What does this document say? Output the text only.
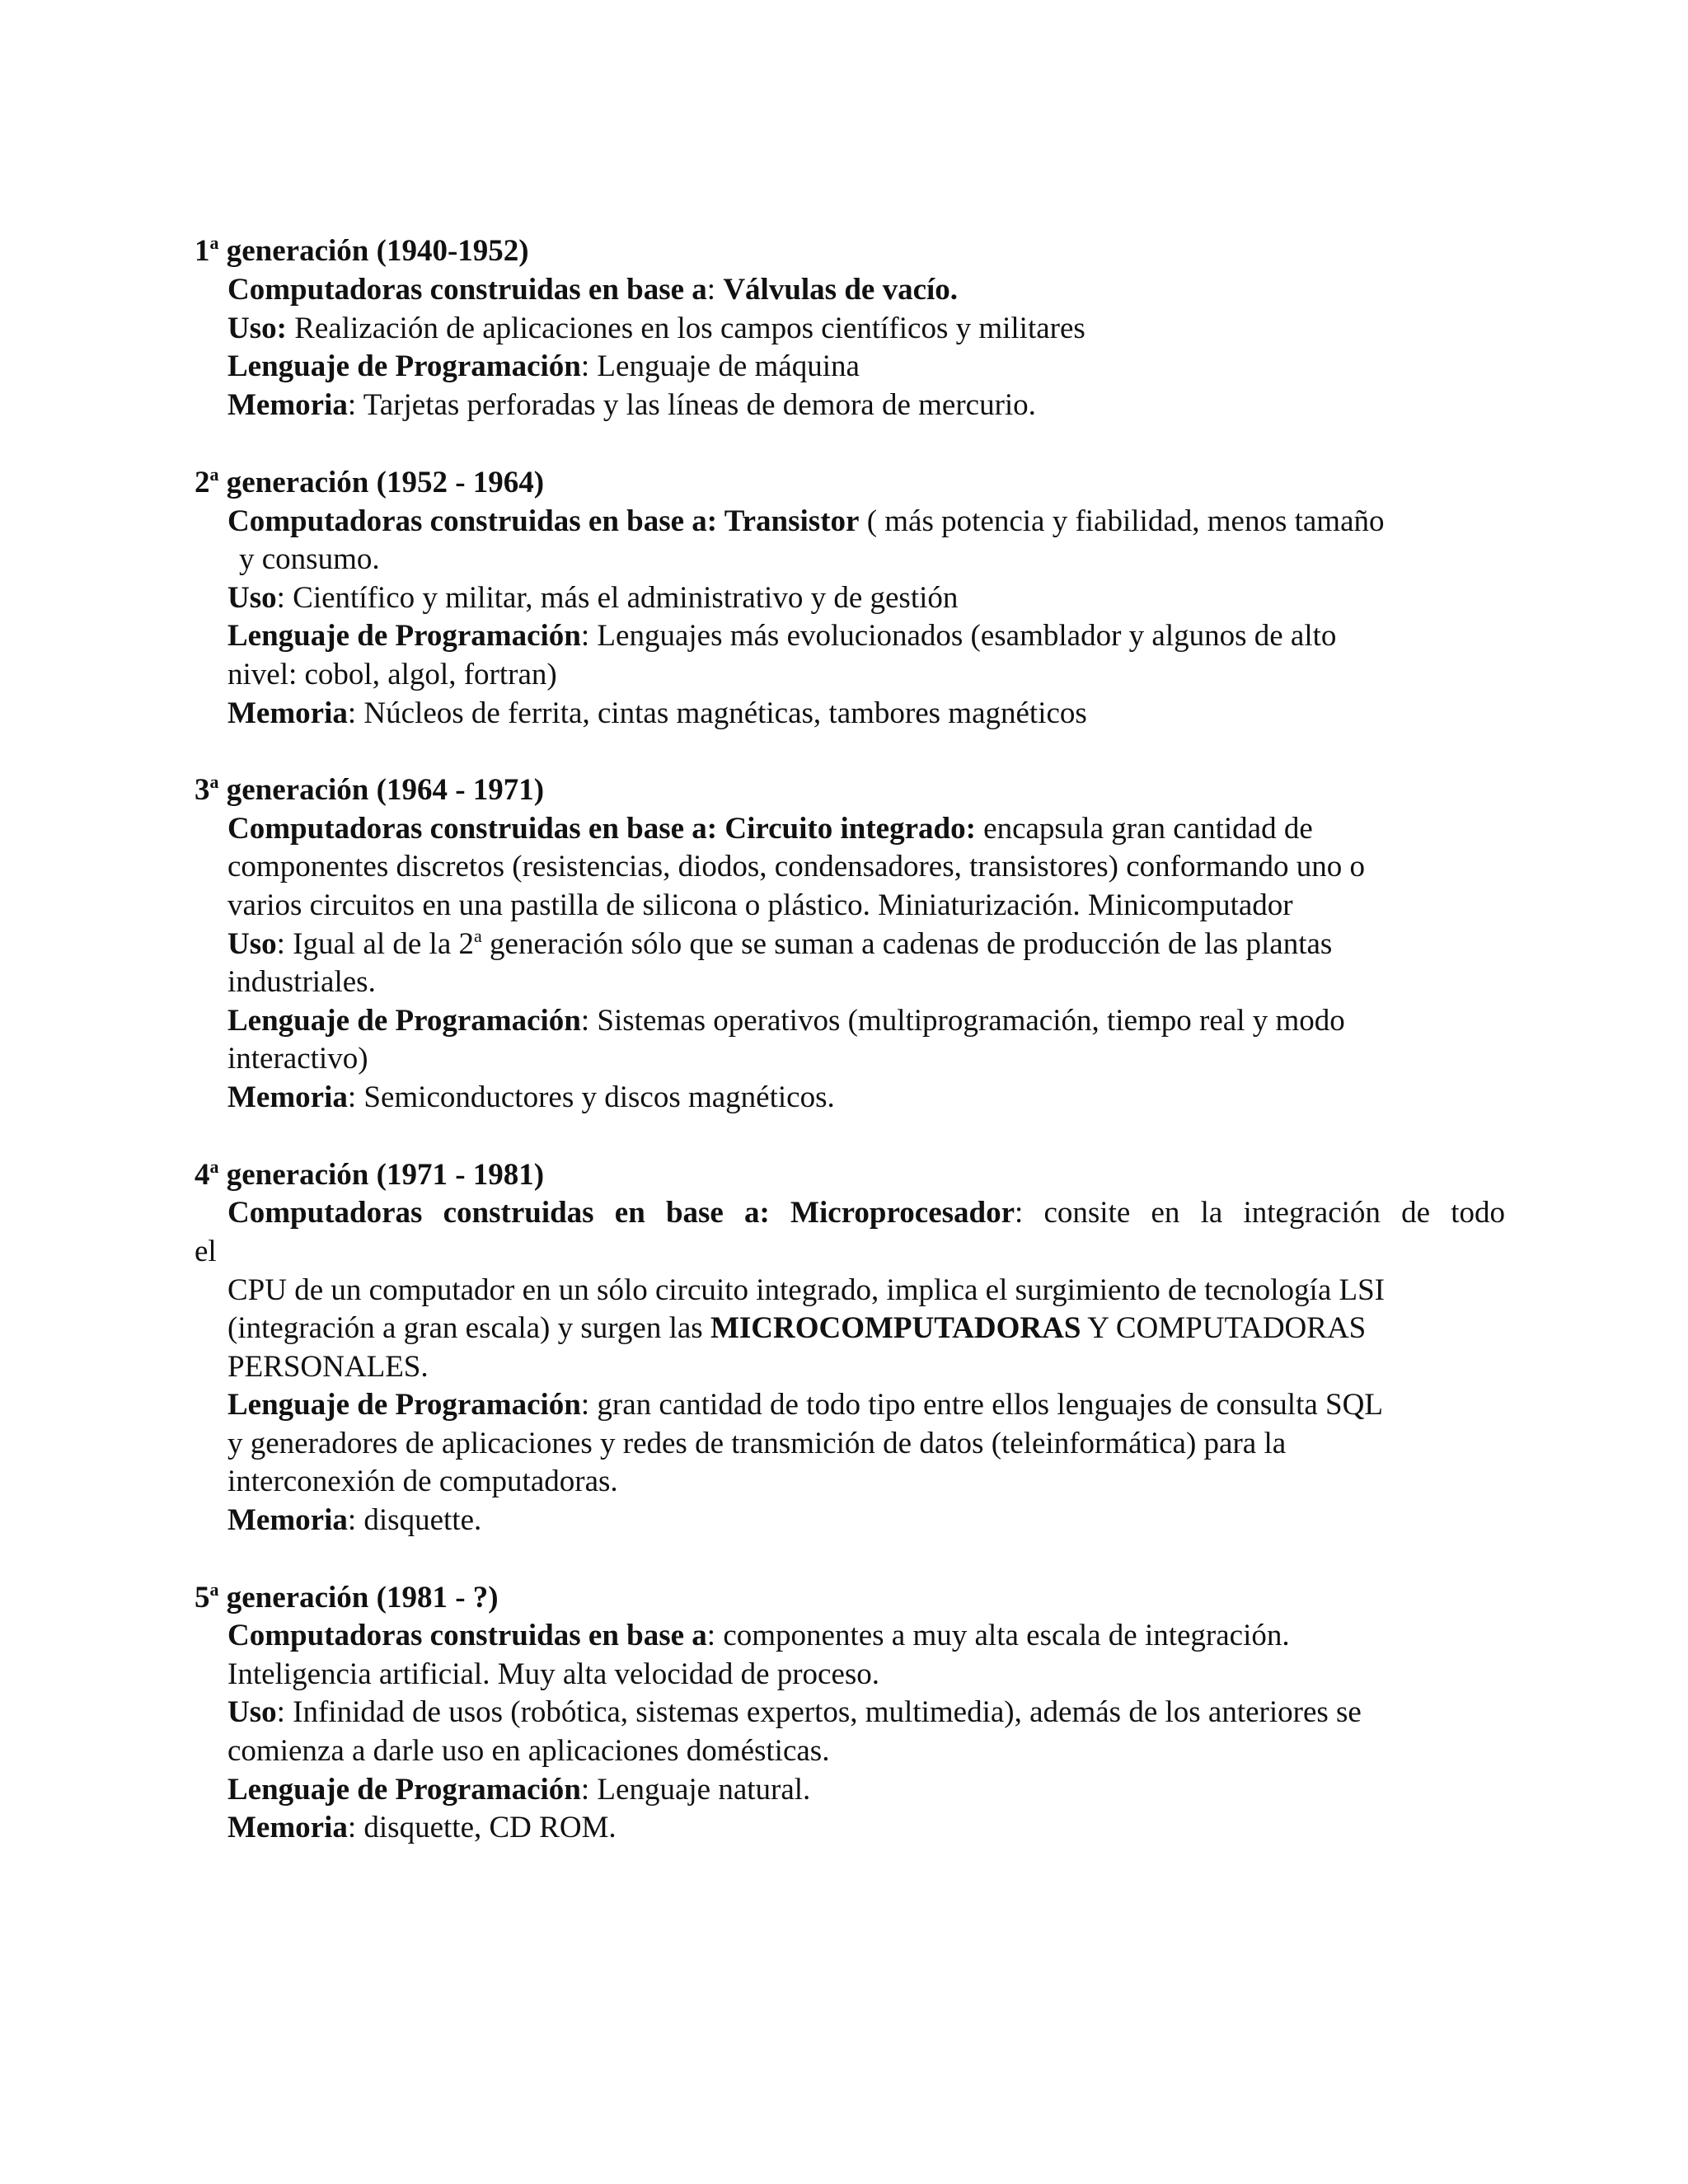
1$^a$ generación (1940-1952)
Computadoras construidas en base a: Válvulas de vacío.
Uso: Realización de aplicaciones en los campos científicos y militares
Lenguaje de Programación: Lenguaje de máquina
Memoria: Tarjetas perforadas y las líneas de demora de mercurio.
2$^a$ generación (1952 - 1964)
Computadoras construidas en base a: Transistor ( más potencia y fiabilidad, menos tamaño
y consumo.
Uso: Científico y militar, más el administrativo y de gestión
Lenguaje de Programación: Lenguajes más evolucionados (esamblador y algunos de alto
nivel: cobol, algol, fortran)
Memoria: Núcleos de ferrita, cintas magnéticas, tambores magnéticos
3$^a$ generación (1964 - 1971)
Computadoras construidas en base a: Circuito integrado: encapsula gran cantidad de
componentes discretos (resistencias, diodos, condensadores, transistores) conformando uno o
varios circuitos en una pastilla de silicona o plástico. Miniaturización. Minicomputador
Uso: Igual al de la 2$^a$ generación sólo que se suman a cadenas de producción de las plantas
industriales.
Lenguaje de Programación: Sistemas operativos (multiprogramación, tiempo real y modo
interactivo)
Memoria: Semiconductores y discos magnéticos.
4$^a$ generación (1971 - 1981)
Computadoras construidas en base a: Microprocesador: consite en la integración de todo
el
CPU de un computador en un sólo circuito integrado, implica el surgimiento de tecnología LSI
(integración a gran escala) y surgen las MICROCOMPUTADORAS Y COMPUTADORAS
PERSONALES.
Lenguaje de Programación: gran cantidad de todo tipo entre ellos lenguajes de consulta SQL
y generadores de aplicaciones y redes de transmición de datos (teleinformática) para la
interconexión de computadoras.
Memoria: disquette.
5$^a$ generación (1981 - ?)
Computadoras construidas en base a: componentes a muy alta escala de integración.
Inteligencia artificial. Muy alta velocidad de proceso.
Uso: Infinidad de usos (robótica, sistemas expertos, multimedia), además de los anteriores se
comienza a darle uso en aplicaciones domésticas.
Lenguaje de Programación: Lenguaje natural.
Memoria: disquette, CD ROM.
